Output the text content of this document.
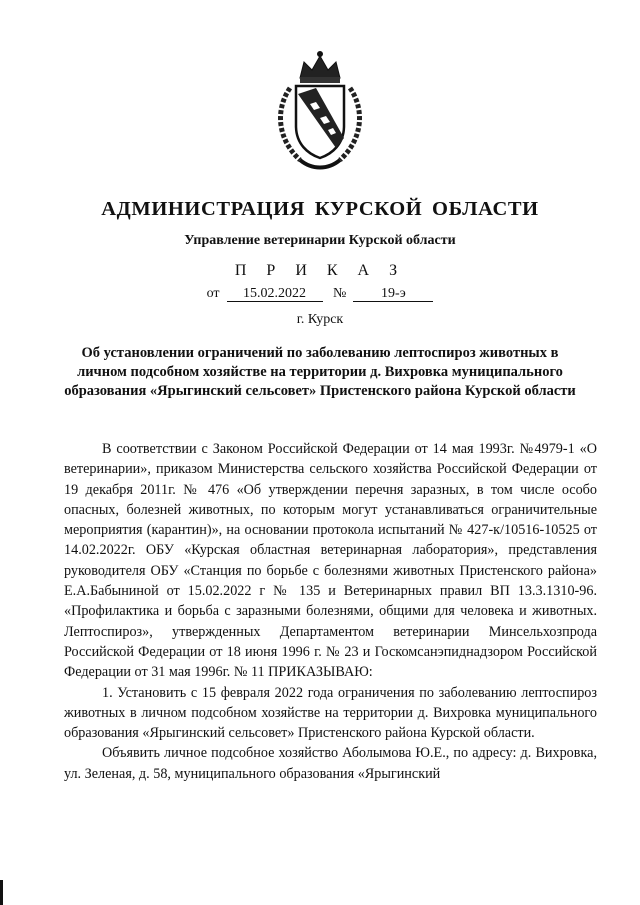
АДМИНИСТРАЦИЯ КУРСКОЙ ОБЛАСТИ
Управление ветеринарии Курской области
П Р И К А З
от 15.02.2022 № 19-э
г. Курск
Об установлении ограничений по заболеванию лептоспироз животных в личном подсобном хозяйстве на территории д. Вихровка муниципального образования «Ярыгинский сельсовет» Пристенского района Курской области

В соответствии с Законом Российской Федерации от 14 мая 1993г. №4979-1 «О ветеринарии», приказом Министерства сельского хозяйства Российской Федерации от 19 декабря 2011г. № 476 «Об утверждении перечня заразных, в том числе особо опасных, болезней животных, по которым могут устанавливаться ограничительные мероприятия (карантин)», на основании протокола испытаний № 427-к/10516-10525 от 14.02.2022г. ОБУ «Курская областная ветеринарная лаборатория», представления руководителя ОБУ «Станция по борьбе с болезнями животных Пристенского района» Е.А.Бабыниной от 15.02.2022 г № 135 и Ветеринарных правил ВП 13.3.1310-96. «Профилактика и борьба с заразными болезнями, общими для человека и животных. Лептоспироз», утвержденных Департаментом ветеринарии Минсельхозпрода Российской Федерации от 18 июня 1996 г. № 23 и Госкомсанэпиднадзором Российской Федерации от 31 мая 1996г. № 11 ПРИКАЗЫВАЮ:

1. Установить с 15 февраля 2022 года ограничения по заболеванию лептоспироз животных в личном подсобном хозяйстве на территории д. Вихровка муниципального образования «Ярыгинский сельсовет» Пристенского района Курской области.

Объявить личное подсобное хозяйство Аболымова Ю.Е., по адресу: д. Вихровка, ул. Зеленая, д. 58, муниципального образования «Ярыгинский
